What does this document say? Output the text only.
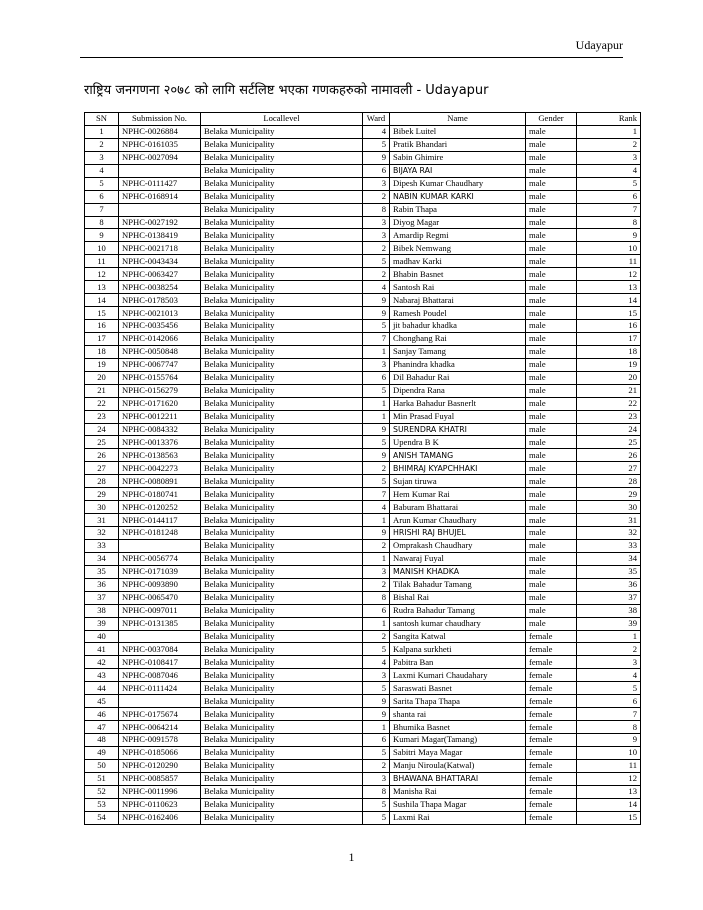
Udayapur
राष्ट्रिय जनगणना २०७८ को लागि सर्टलिष्ट भएका गणकहरुको नामावली - Udayapur
SN	Submission No.	Locallevel	Ward	Name	Gender	Rank
1	NPHC-0026884	Belaka Municipality	4	Bibek Luitel	male	1
2	NPHC-0161035	Belaka Municipality	5	Pratik Bhandari	male	2
3	NPHC-0027094	Belaka Municipality	9	Sabin Ghimire	male	3
4		Belaka Municipality	6	BIJAYA RAI	male	4
5	NPHC-0111427	Belaka Municipality	3	Dipesh Kumar Chaudhary	male	5
6	NPHC-0168914	Belaka Municipality	2	NABIN KUMAR KARKI	male	6
7		Belaka Municipality	8	Rabin Thapa	male	7
8	NPHC-0027192	Belaka Municipality	3	Diyog Magar	male	8
9	NPHC-0138419	Belaka Municipality	3	Amardip Regmi	male	9
10	NPHC-0021718	Belaka Municipality	2	Bibek Nemwang	male	10
11	NPHC-0043434	Belaka Municipality	5	madhav Karki	male	11
12	NPHC-0063427	Belaka Municipality	2	Bhabin Basnet	male	12
13	NPHC-0038254	Belaka Municipality	4	Santosh Rai	male	13
14	NPHC-0178503	Belaka Municipality	9	Nabaraj Bhattarai	male	14
15	NPHC-0021013	Belaka Municipality	9	Ramesh Poudel	male	15
16	NPHC-0035456	Belaka Municipality	5	jit bahadur khadka	male	16
17	NPHC-0142066	Belaka Municipality	7	Chonghang Rai	male	17
18	NPHC-0050848	Belaka Municipality	1	Sanjay Tamang	male	18
19	NPHC-0067747	Belaka Municipality	3	Phanindra khadka	male	19
20	NPHC-0155764	Belaka Municipality	6	Dil Bahadur Rai	male	20
21	NPHC-0156279	Belaka Municipality	5	Dipendra Rana	male	21
22	NPHC-0171620	Belaka Municipality	1	Harka Bahadur Basnerlt	male	22
23	NPHC-0012211	Belaka Municipality	1	Min Prasad Fuyal	male	23
24	NPHC-0084332	Belaka Municipality	9	SURENDRA KHATRI	male	24
25	NPHC-0013376	Belaka Municipality	5	Upendra B K	male	25
26	NPHC-0138563	Belaka Municipality	9	ANISH TAMANG	male	26
27	NPHC-0042273	Belaka Municipality	2	BHIMRAJ KYAPCHHAKI	male	27
28	NPHC-0080891	Belaka Municipality	5	Sujan tiruwa	male	28
29	NPHC-0180741	Belaka Municipality	7	Hem Kumar Rai	male	29
30	NPHC-0120252	Belaka Municipality	4	Baburam Bhattarai	male	30
31	NPHC-0144117	Belaka Municipality	1	Arun Kumar Chaudhary	male	31
32	NPHC-0181248	Belaka Municipality	9	HRISHI RAJ BHUJEL	male	32
33		Belaka Municipality	2	Omprakash Chaudhary	male	33
34	NPHC-0056774	Belaka Municipality	1	Nawaraj Fuyal	male	34
35	NPHC-0171039	Belaka Municipality	3	MANISH KHADKA	male	35
36	NPHC-0093890	Belaka Municipality	2	Tilak Bahadur Tamang	male	36
37	NPHC-0065470	Belaka Municipality	8	Bishal Rai	male	37
38	NPHC-0097011	Belaka Municipality	6	Rudra Bahadur Tamang	male	38
39	NPHC-0131385	Belaka Municipality	1	santosh kumar chaudhary	male	39
40		Belaka Municipality	2	Sangita Katwal	female	1
41	NPHC-0037084	Belaka Municipality	5	Kalpana surkheti	female	2
42	NPHC-0108417	Belaka Municipality	4	Pabitra Ban	female	3
43	NPHC-0087046	Belaka Municipality	3	Laxmi Kumari Chaudahary	female	4
44	NPHC-0111424	Belaka Municipality	5	Saraswati Basnet	female	5
45		Belaka Municipality	9	Sarita Thapa Thapa	female	6
46	NPHC-0175674	Belaka Municipality	9	shanta rai	female	7
47	NPHC-0064214	Belaka Municipality	1	Bhumika Basnet	female	8
48	NPHC-0091578	Belaka Municipality	6	Kumari Magar(Tamang)	female	9
49	NPHC-0185066	Belaka Municipality	5	Sabitri Maya Magar	female	10
50	NPHC-0120290	Belaka Municipality	2	Manju Niroula(Katwal)	female	11
51	NPHC-0085857	Belaka Municipality	3	BHAWANA BHATTARAI	female	12
52	NPHC-0011996	Belaka Municipality	8	Manisha Rai	female	13
53	NPHC-0110623	Belaka Municipality	5	Sushila Thapa Magar	female	14
54	NPHC-0162406	Belaka Municipality	5	Laxmi Rai	female	15
1
